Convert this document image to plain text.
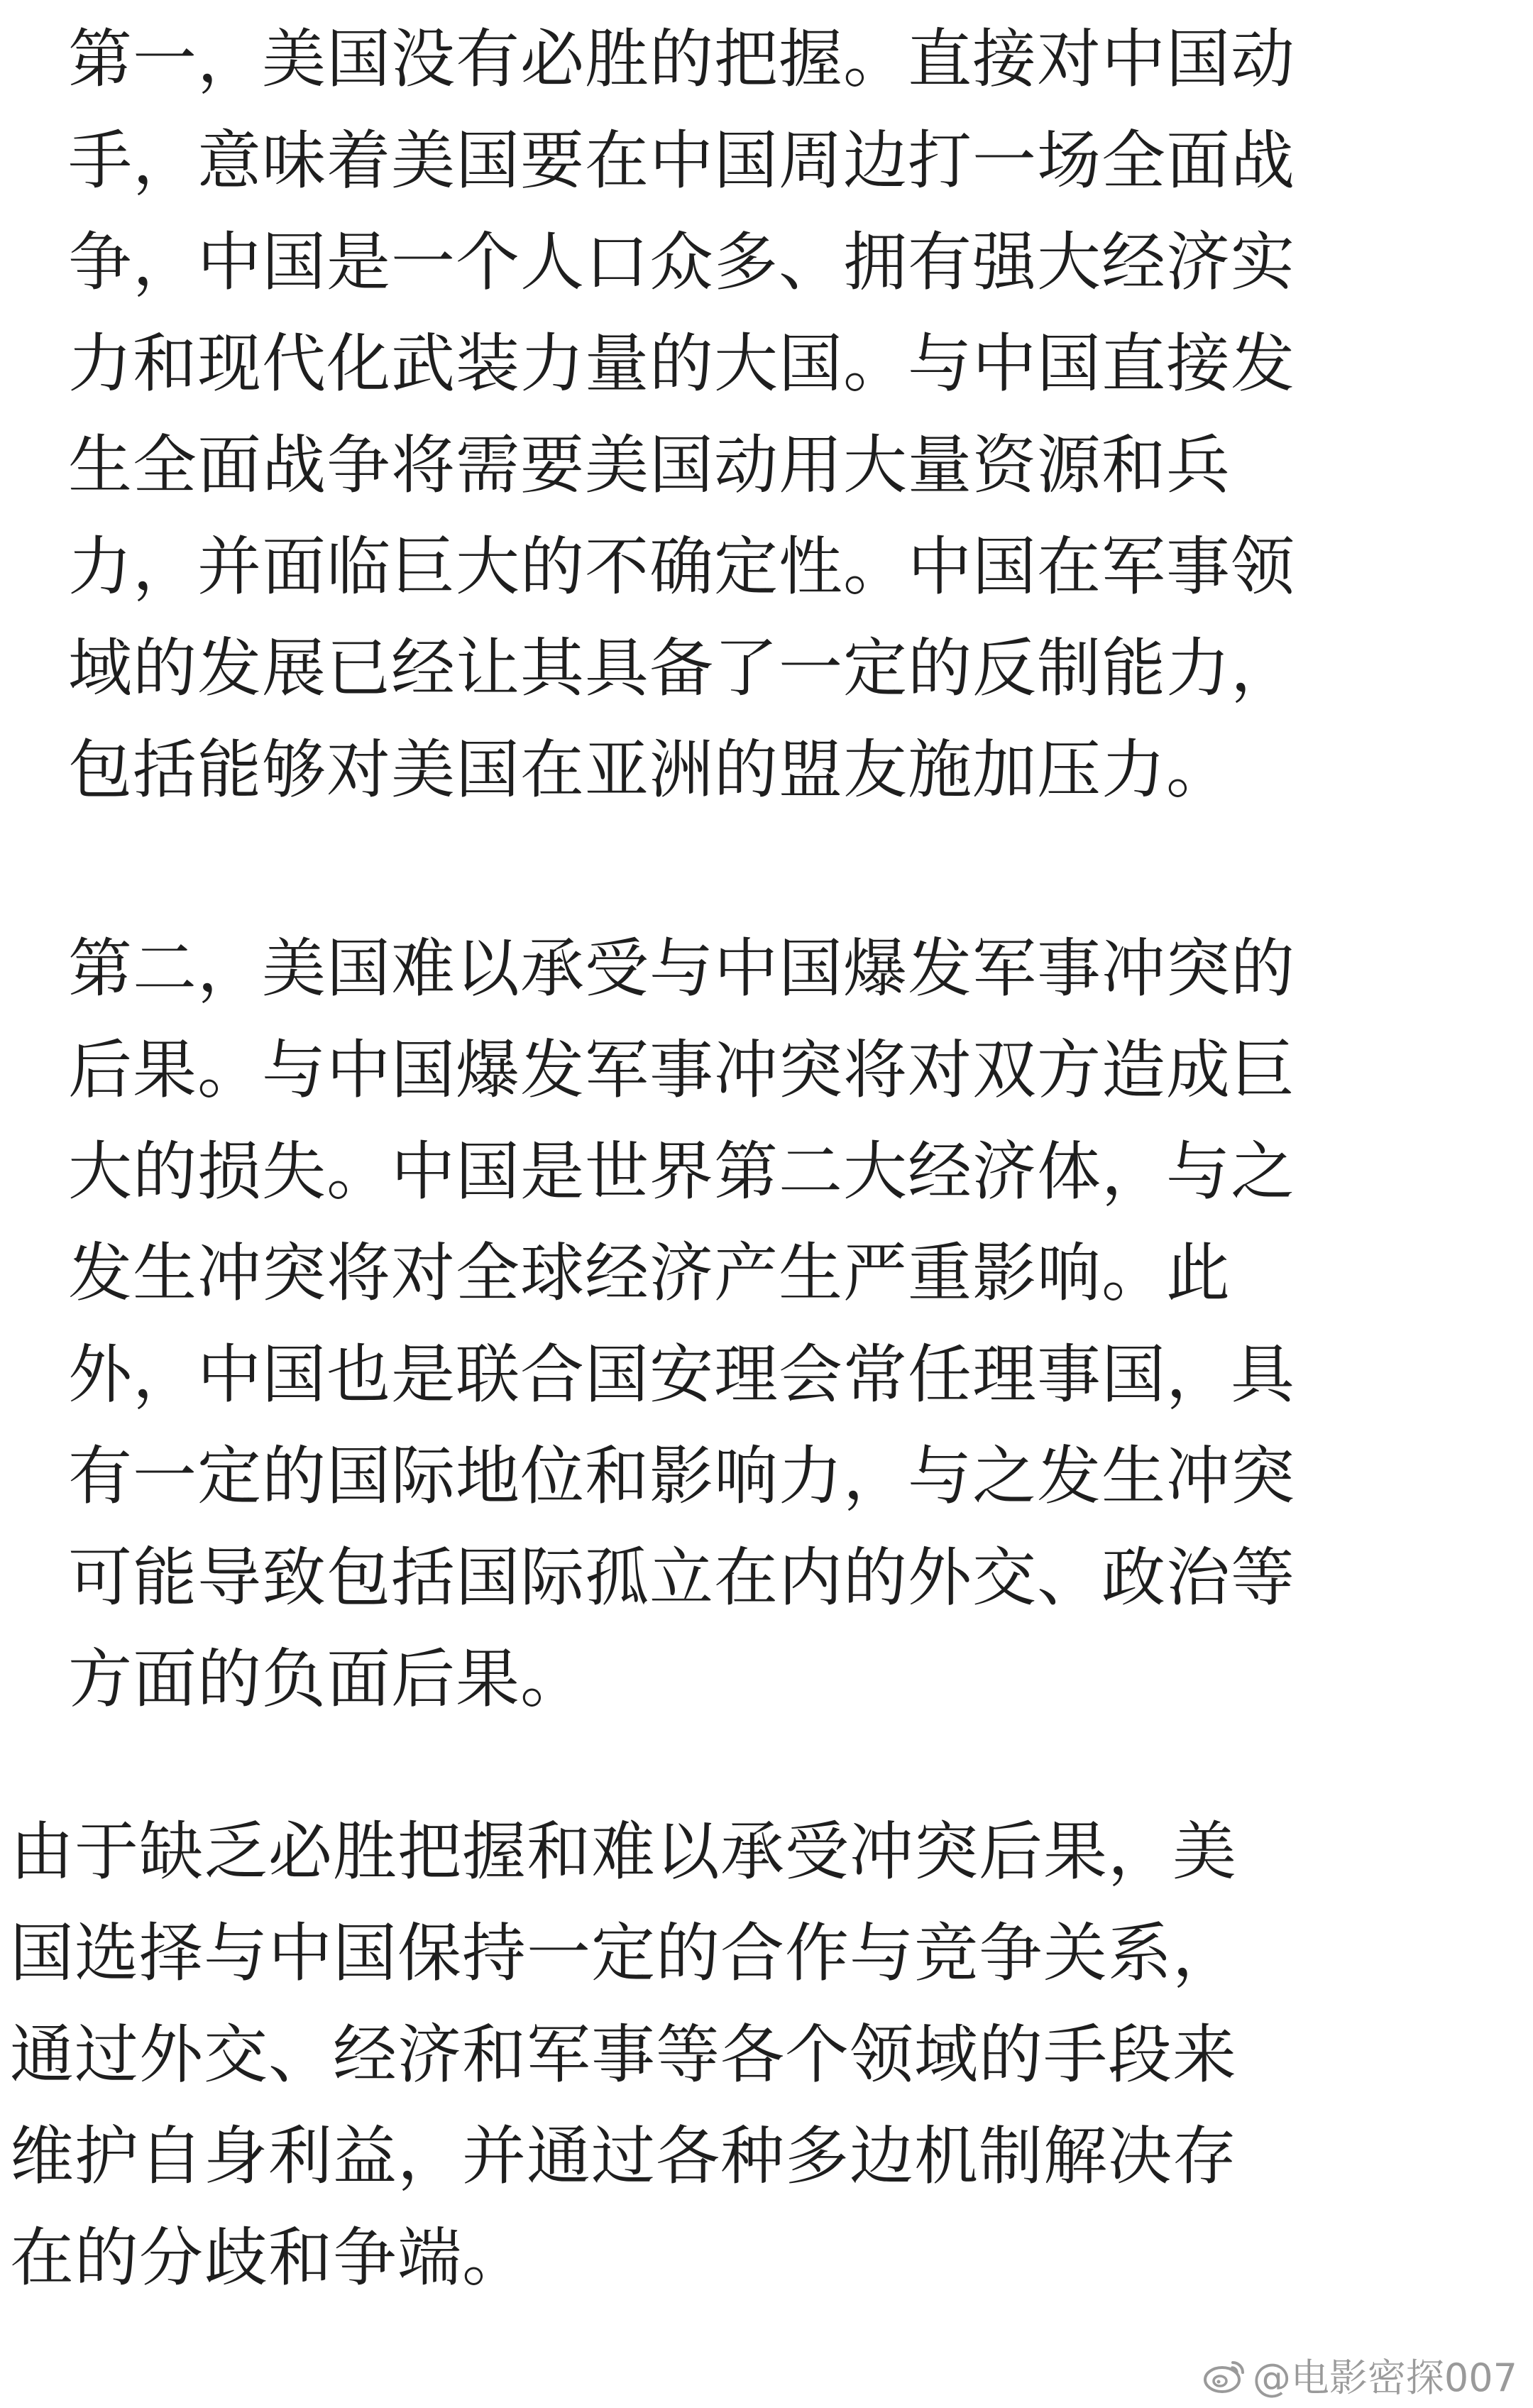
第一，美国没有必胜的把握。直接对中国动
手，意味着美国要在中国周边打一场全面战
争，中国是一个人口众多、拥有强大经济实
力和现代化武装力量的大国。与中国直接发
生全面战争将需要美国动用大量资源和兵
力，并面临巨大的不确定性。中国在军事领
域的发展已经让其具备了一定的反制能力，
包括能够对美国在亚洲的盟友施加压力。
第二，美国难以承受与中国爆发军事冲突的
后果。与中国爆发军事冲突将对双方造成巨
大的损失。中国是世界第二大经济体，与之
发生冲突将对全球经济产生严重影响。此
外，中国也是联合国安理会常任理事国，具
有一定的国际地位和影响力，与之发生冲突
可能导致包括国际孤立在内的外交、政治等
方面的负面后果。
由于缺乏必胜把握和难以承受冲突后果，美
国选择与中国保持一定的合作与竞争关系，
通过外交、经济和军事等各个领域的手段来
维护自身利益，并通过各种多边机制解决存
在的分歧和争端。
@电影密探007
